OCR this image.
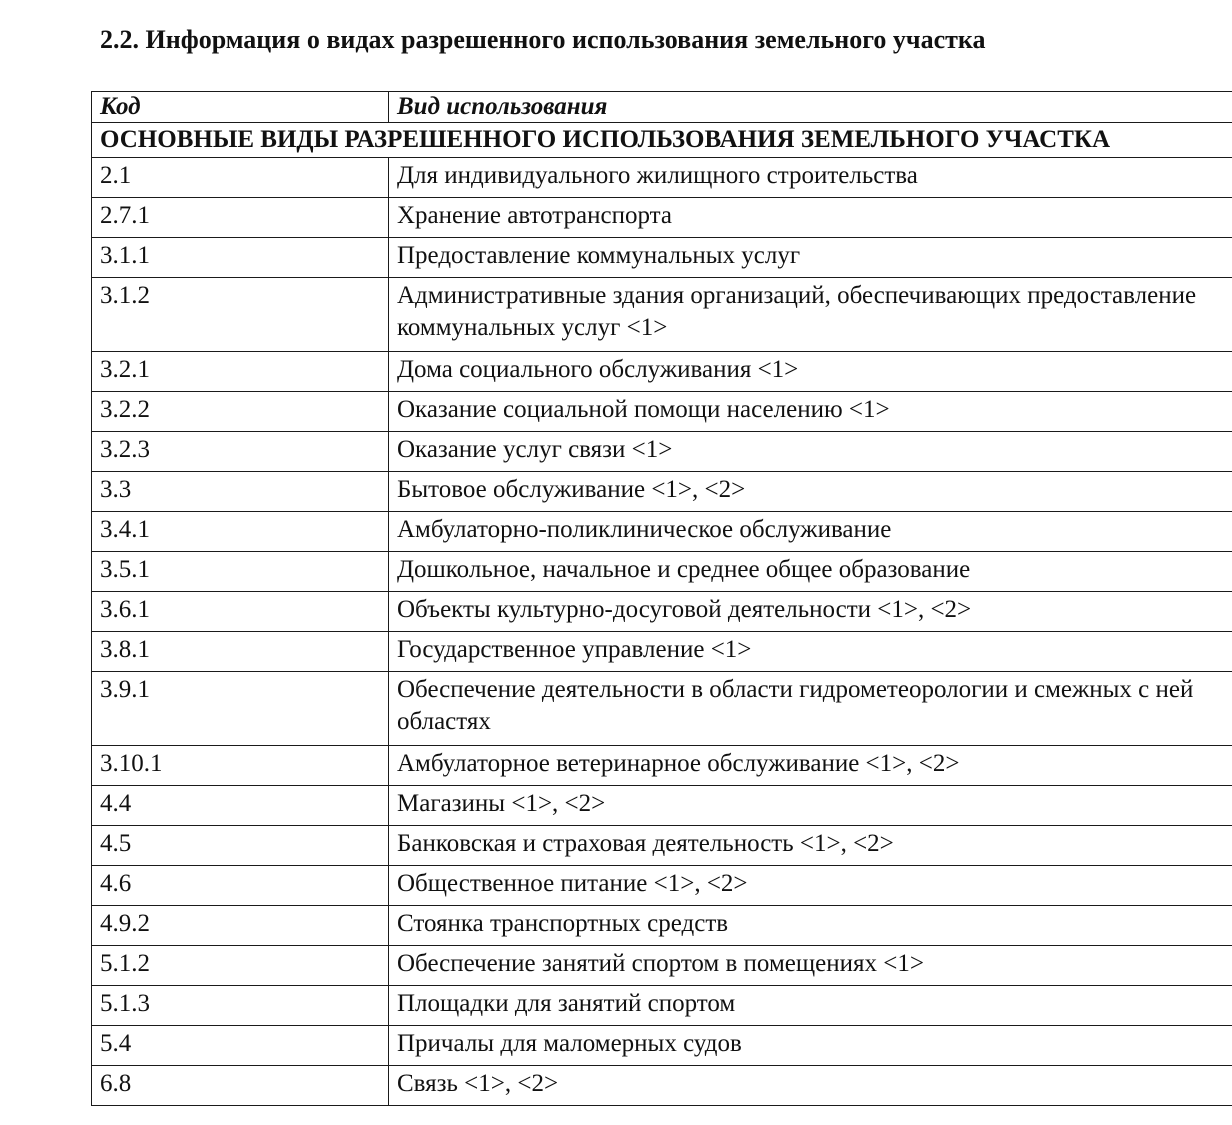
2.2. Информация о видах разрешенного использования земельного участка
Код	Вид использования
ОСНОВНЫЕ ВИДЫ РАЗРЕШЕННОГО ИСПОЛЬЗОВАНИЯ ЗЕМЕЛЬНОГО УЧАСТКА	
2.1	Для индивидуального жилищного строительства
2.7.1	Хранение автотранспорта
3.1.1	Предоставление коммунальных услуг
3.1.2	Административные здания организаций, обеспечивающих предоставление коммунальных услуг <1>
3.2.1	Дома социального обслуживания <1>
3.2.2	Оказание социальной помощи населению <1>
3.2.3	Оказание услуг связи <1>
3.3	Бытовое обслуживание <1>, <2>
3.4.1	Амбулаторно-поликлиническое обслуживание
3.5.1	Дошкольное, начальное и среднее общее образование
3.6.1	Объекты культурно-досуговой деятельности <1>, <2>
3.8.1	Государственное управление <1>
3.9.1	Обеспечение деятельности в области гидрометеорологии и смежных с ней областях
3.10.1	Амбулаторное ветеринарное обслуживание <1>, <2>
4.4	Магазины <1>, <2>
4.5	Банковская и страховая деятельность <1>, <2>
4.6	Общественное питание <1>, <2>
4.9.2	Стоянка транспортных средств
5.1.2	Обеспечение занятий спортом в помещениях <1>
5.1.3	Площадки для занятий спортом
5.4	Причалы для маломерных судов
6.8	Связь <1>, <2>
